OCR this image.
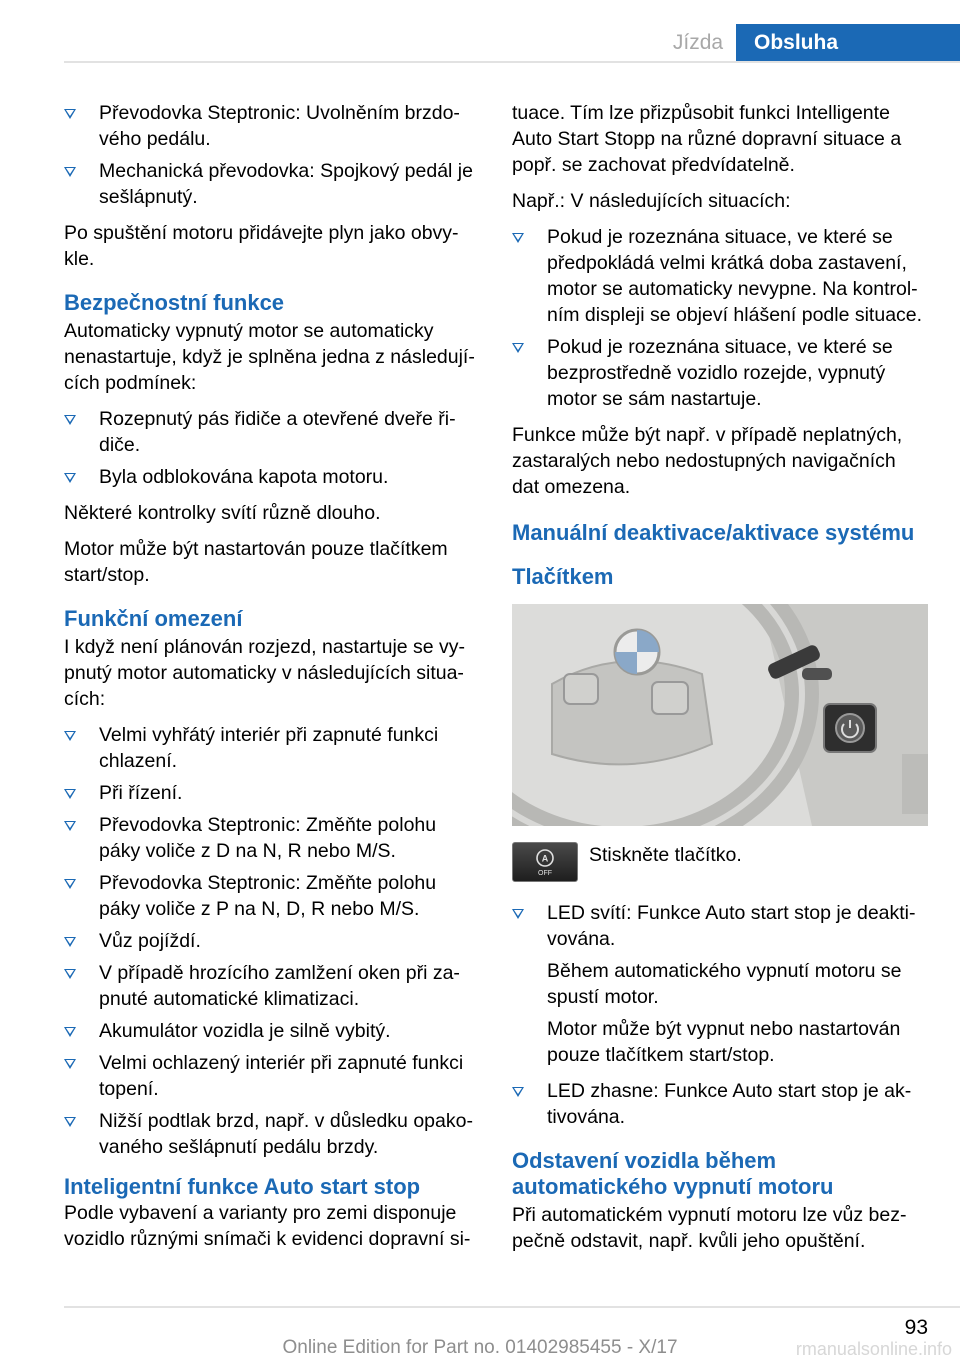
Jízda	Obsluha
Převodovka Steptronic: Uvolněním brzdo‐vého pedálu.
Mechanická převodovka: Spojkový pedál je sešlápnutý.

Po spuštění motoru přidávejte plyn jako obvy‐kle.

Bezpečnostní funkce

Automaticky vypnutý motor se automaticky nenastartuje, když je splněna jedna z následují‐cích podmínek:

Rozepnutý pás řidiče a otevřené dveře ři‐diče.
Byla odblokována kapota motoru.

Některé kontrolky svítí různě dlouho.

Motor může být nastartován pouze tlačítkem start/stop.

Funkční omezení

I když není plánován rozjezd, nastartuje se vy‐pnutý motor automaticky v následujících situa‐cích:

Velmi vyhřátý interiér při zapnuté funkci chlazení.
Při řízení.
Převodovka Steptronic: Změňte polohu páky voliče z D na N, R nebo M/S.
Převodovka Steptronic: Změňte polohu páky voliče z P na N, D, R nebo M/S.
Vůz pojíždí.
V případě hrozícího zamlžení oken při za‐pnuté automatické klimatizaci.
Akumulátor vozidla je silně vybitý.
Velmi ochlazený interiér při zapnuté funkci topení.
Nižší podtlak brzd, např. v důsledku opako‐vaného sešlápnutí pedálu brzdy.
Inteligentní funkce Auto start stop

Podle vybavení a varianty pro zemi disponuje vozidlo různými snímači k evidenci dopravní si‐

tuace. Tím lze přizpůsobit funkci Intelligente Auto Start Stopp na různé dopravní situace a popř. se zachovat předvídatelně.

Např.: V následujících situacích:

Pokud je rozeznána situace, ve které se předpokládá velmi krátká doba zastavení, motor se automaticky nevypne. Na kontrol‐ním displeji se objeví hlášení podle situace.
Pokud je rozeznána situace, ve které se bezprostředně vozidlo rozejde, vypnutý motor se sám nastartuje.

Funkce může být např. v případě neplatných, zastaralých nebo nedostupných navigačních dat omezena.

Manuální deaktivace/aktivace systému
Tlačítkem
A
OFF
Stiskněte tlačítko.
LED svítí: Funkce Auto start stop je deakti‐vována.
Během automatického vypnutí motoru se spustí motor.
Motor může být vypnut nebo nastartován pouze tlačítkem start/stop.
LED zhasne: Funkce Auto start stop je ak‐tivována.
Odstavení vozidla během automatického vypnutí motoru

Při automatickém vypnutí motoru lze vůz bez‐pečně odstavit, např. kvůli jeho opuštění.

93
Online Edition for Part no. 01402985455 - X/17	rmanualsonline.info
